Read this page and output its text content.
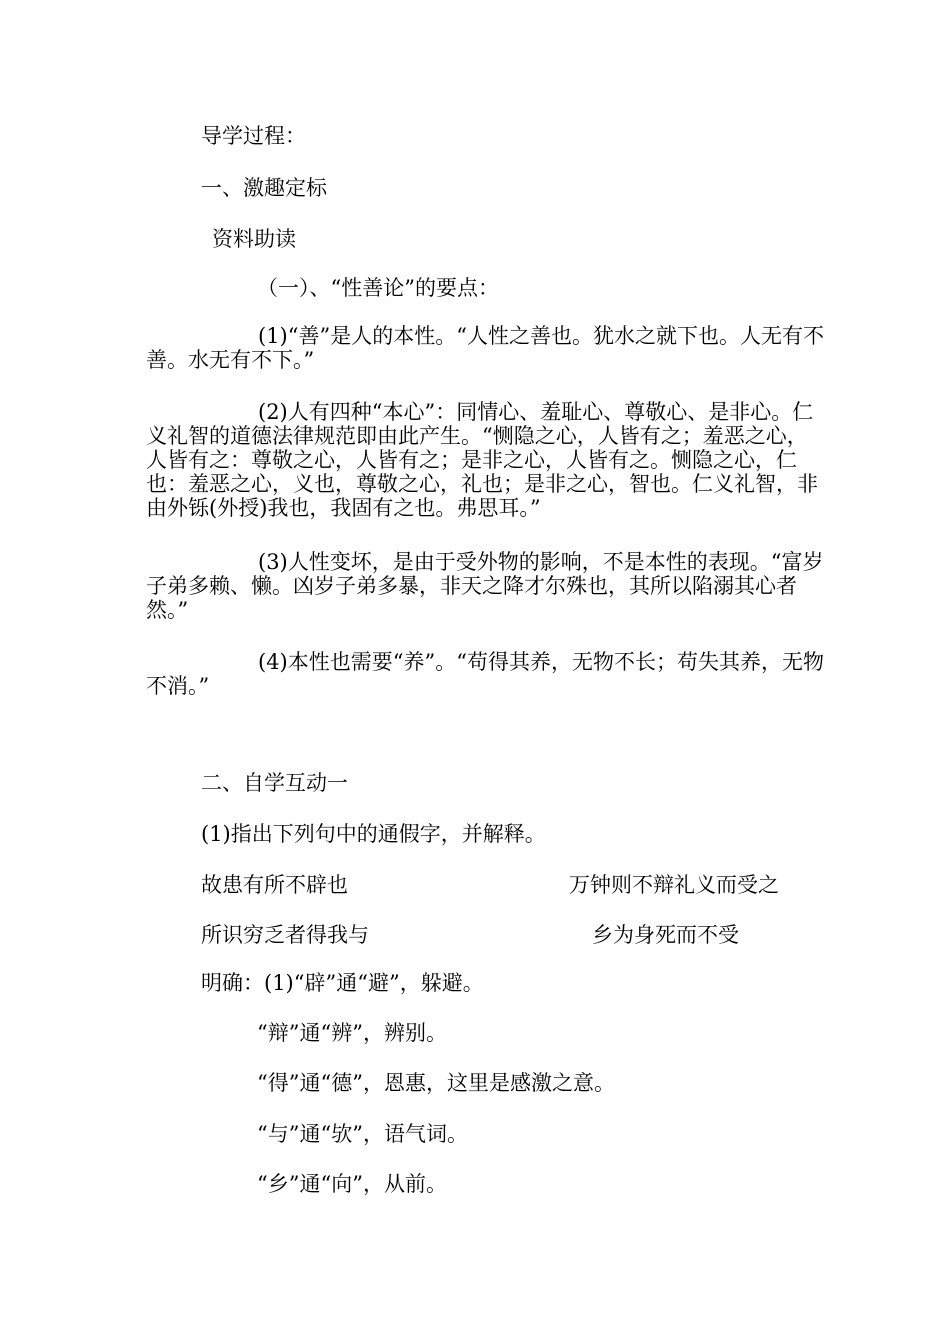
导学过程：
一、激趣定标
资料助读
（一）、“性善论”的要点：
(1)“善”是人的本性。“人性之善也。犹水之就下也。人无有不善。水无有不下。”
(2)人有四种“本心”：同情心、羞耻心、尊敬心、是非心。仁义礼智的道德法律规范即由此产生。“恻隐之心，人皆有之；羞恶之心，人皆有之：尊敬之心，人皆有之；是非之心，人皆有之。恻隐之心，仁也：羞恶之心，义也，尊敬之心，礼也；是非之心，智也。仁义礼智，非由外铄(外授)我也，我固有之也。弗思耳。”
(3)人性变坏，是由于受外物的影响，不是本性的表现。“富岁子弟多赖、懒。凶岁子弟多暴，非天之降才尔殊也，其所以陷溺其心者然。”
(4)本性也需要“养”。“苟得其养，无物不长；苟失其养，无物不消。”
二、自学互动一
(1)指出下列句中的通假字，并解释。
故患有所不辟也	万钟则不辩礼义而受之
所识穷乏者得我与	乡为身死而不受
明确：(1)“辟”通“避”，躲避。
“辩”通“辨”，辨别。
“得”通“德”，恩惠，这里是感激之意。
“与”通“欤”，语气词。
“乡”通“向”，从前。
